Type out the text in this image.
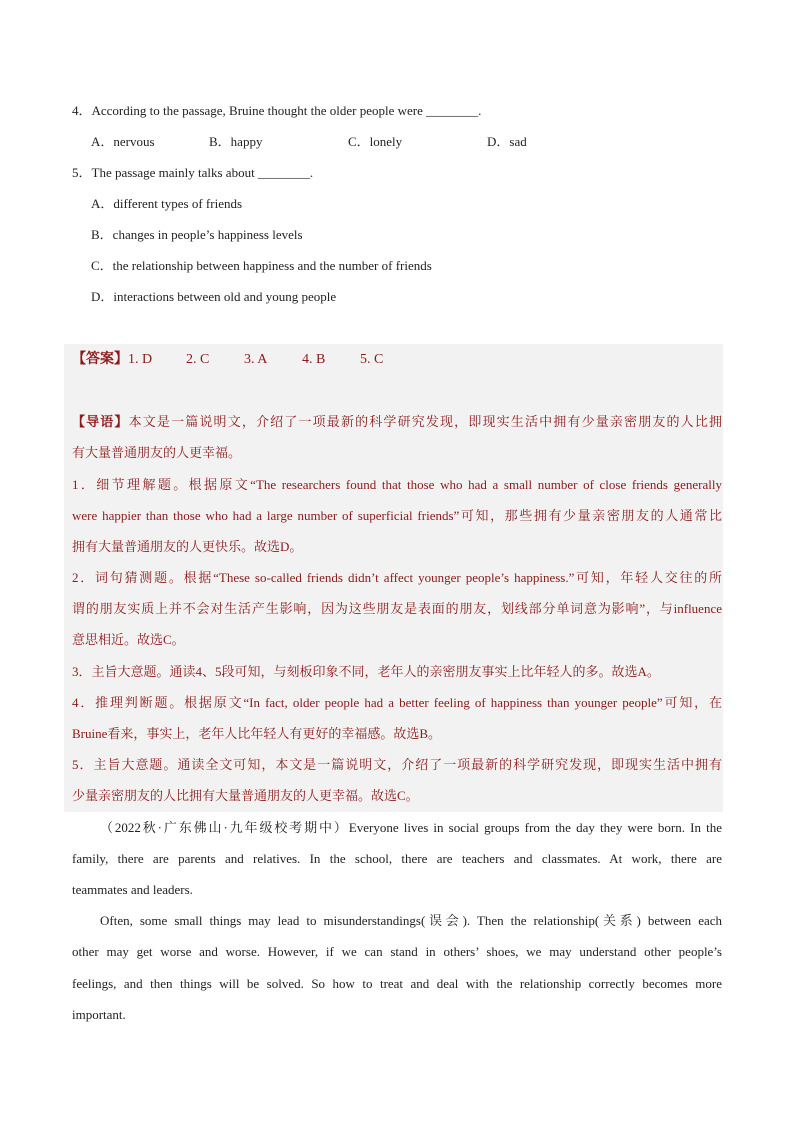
4．According to the passage, Bruine thought the older people were ________.
A．nervous	B．happy	C．lonely	D．sad
5．The passage mainly talks about ________.
A．different types of friends
B．changes in people’s happiness levels
C．the relationship between happiness and the number of friends
D．interactions between old and young people
【答案】1. D 2. C 3. A 4. B 5. C
【导语】本文是一篇说明文，介绍了一项最新的科学研究发现，即现实生活中拥有少量亲密朋友的人比拥
有大量普通朋友的人更幸福。
1．细节理解题。根据原文“The researchers found that those who had a small number of close friends generally
were happier than those who had a large number of superficial friends”可知，那些拥有少量亲密朋友的人通常比
拥有大量普通朋友的人更快乐。故选D。
2．词句猜测题。根据“These so-called friends didn’t affect younger people’s happiness.”可知，年轻人交往的所
谓的朋友实质上并不会对生活产生影响，因为这些朋友是表面的朋友，划线部分单词意为影响”，与influence
意思相近。故选C。
3．主旨大意题。通读4、5段可知，与刻板印象不同，老年人的亲密朋友事实上比年轻人的多。故选A。
4．推理判断题。根据原文“In fact, older people had a better feeling of happiness than younger people”可知，在
Bruine看来，事实上，老年人比年轻人有更好的幸福感。故选B。
5．主旨大意题。通读全文可知，本文是一篇说明文，介绍了一项最新的科学研究发现，即现实生活中拥有
少量亲密朋友的人比拥有大量普通朋友的人更幸福。故选C。
（2022秋·广东佛山·九年级校考期中）Everyone lives in social groups from the day they were born. In the
family, there are parents and relatives. In the school, there are teachers and classmates. At work, there are
teammates and leaders.
Often, some small things may lead to misunderstandings(误会). Then the relationship(关系) between each
other may get worse and worse. However, if we can stand in others’ shoes, we may understand other people’s
feelings, and then things will be solved. So how to treat and deal with the relationship correctly becomes more
important.
